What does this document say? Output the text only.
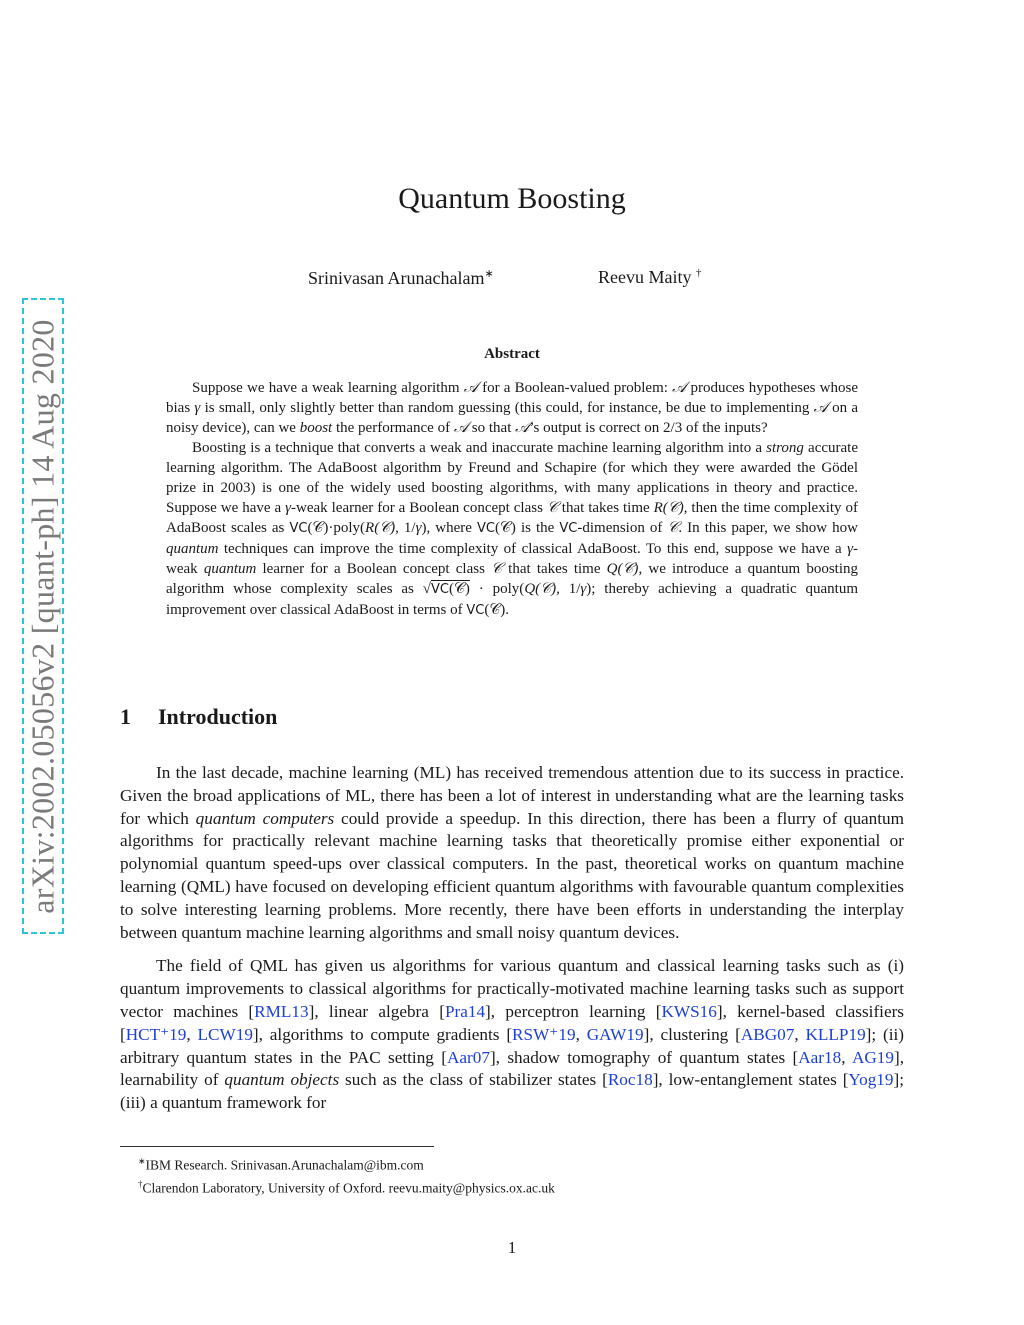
arXiv:2002.05056v2 [quant-ph] 14 Aug 2020
Quantum Boosting
Srinivasan Arunachalam∗	Reevu Maity †
Abstract

Suppose we have a weak learning algorithm 𝒜 for a Boolean-valued problem: 𝒜 produces hypotheses whose bias γ is small, only slightly better than random guessing (this could, for instance, be due to implementing 𝒜 on a noisy device), can we boost the performance of 𝒜 so that 𝒜’s output is correct on 2/3 of the inputs?

Boosting is a technique that converts a weak and inaccurate machine learning algorithm into a strong accurate learning algorithm. The AdaBoost algorithm by Freund and Schapire (for which they were awarded the Gödel prize in 2003) is one of the widely used boosting algorithms, with many applications in theory and practice. Suppose we have a γ-weak learner for a Boolean concept class 𝒞 that takes time R(𝒞), then the time complexity of AdaBoost scales as VC(𝒞)·poly(R(𝒞), 1/γ), where VC(𝒞) is the VC-dimension of 𝒞. In this paper, we show how quantum techniques can improve the time complexity of classical AdaBoost. To this end, suppose we have a γ-weak quantum learner for a Boolean concept class 𝒞 that takes time Q(𝒞), we introduce a quantum boosting algorithm whose complexity scales as √VC(𝒞) · poly(Q(𝒞), 1/γ); thereby achieving a quadratic quantum improvement over classical AdaBoost in terms of VC(𝒞).

1 Introduction

In the last decade, machine learning (ML) has received tremendous attention due to its success in practice. Given the broad applications of ML, there has been a lot of interest in understanding what are the learning tasks for which quantum computers could provide a speedup. In this direction, there has been a flurry of quantum algorithms for practically relevant machine learning tasks that theoretically promise either exponential or polynomial quantum speed-ups over classical computers. In the past, theoretical works on quantum machine learning (QML) have focused on developing efficient quantum algorithms with favourable quantum complexities to solve interesting learning problems. More recently, there have been efforts in understanding the interplay between quantum machine learning algorithms and small noisy quantum devices.

The field of QML has given us algorithms for various quantum and classical learning tasks such as (i) quantum improvements to classical algorithms for practically-motivated machine learning tasks such as support vector machines [RML13], linear algebra [Pra14], perceptron learning [KWS16], kernel-based classifiers [HCT⁺19, LCW19], algorithms to compute gradients [RSW⁺19, GAW19], clustering [ABG07, KLLP19]; (ii) arbitrary quantum states in the PAC setting [Aar07], shadow tomography of quantum states [Aar18, AG19], learnability of quantum objects such as the class of stabilizer states [Roc18], low-entanglement states [Yog19]; (iii) a quantum framework for

∗IBM Research. Srinivasan.Arunachalam@ibm.com
†Clarendon Laboratory, University of Oxford. reevu.maity@physics.ox.ac.uk
1
